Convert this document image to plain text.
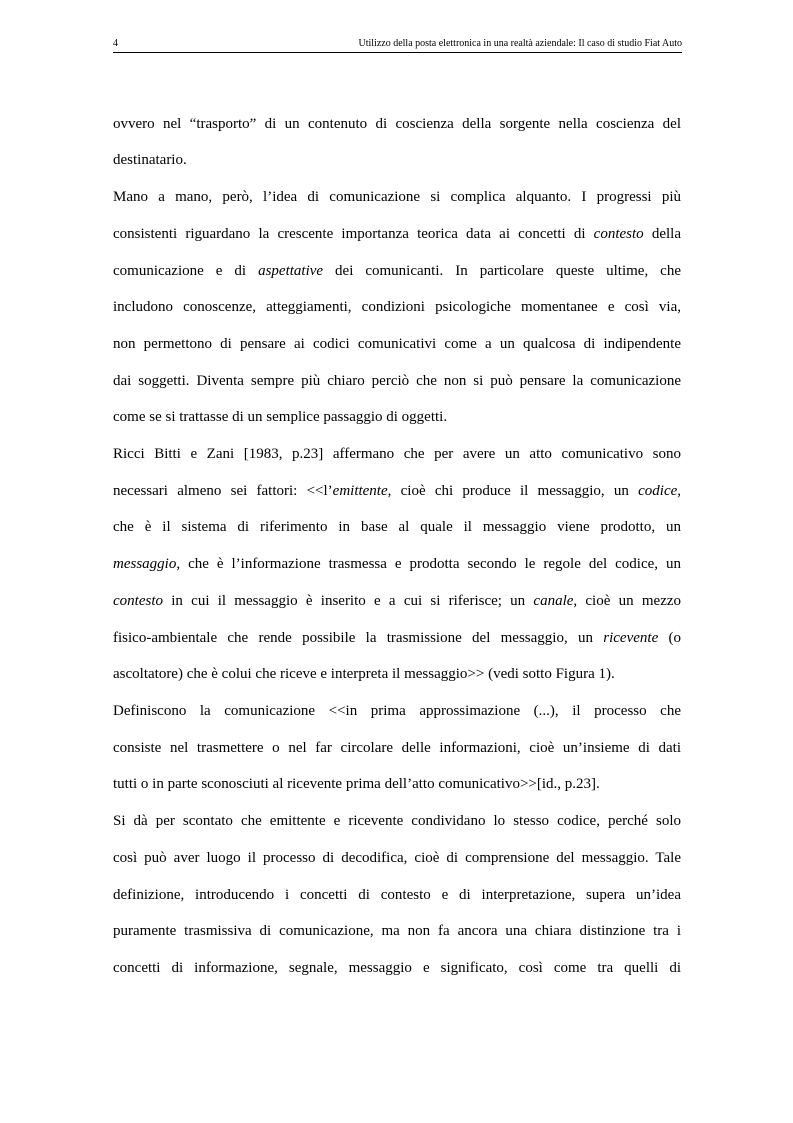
4	Utilizzo della posta elettronica in una realtà aziendale: Il caso di studio Fiat Auto
ovvero nel “trasporto” di un contenuto di coscienza della sorgente nella coscienza del
destinatario.
Mano a mano, però, l’idea di comunicazione si complica alquanto. I progressi più
consistenti riguardano la crescente importanza teorica data ai concetti di contesto della
comunicazione e di aspettative dei comunicanti. In particolare queste ultime, che
includono conoscenze, atteggiamenti, condizioni psicologiche momentanee e così via,
non permettono di pensare ai codici comunicativi come a un qualcosa di indipendente
dai soggetti. Diventa sempre più chiaro perciò che non si può pensare la comunicazione
come se si trattasse di un semplice passaggio di oggetti.
Ricci Bitti e Zani [1983, p.23] affermano che per avere un atto comunicativo sono
necessari almeno sei fattori: <<l’emittente, cioè chi produce il messaggio, un codice,
che è il sistema di riferimento in base al quale il messaggio viene prodotto, un
messaggio, che è l’informazione trasmessa e prodotta secondo le regole del codice, un
contesto in cui il messaggio è inserito e a cui si riferisce; un canale, cioè un mezzo
fisico-ambientale che rende possibile la trasmissione del messaggio, un ricevente (o
ascoltatore) che è colui che riceve e interpreta il messaggio>> (vedi sotto Figura 1).
Definiscono la comunicazione <<in prima approssimazione (...), il processo che
consiste nel trasmettere o nel far circolare delle informazioni, cioè un’insieme di dati
tutti o in parte sconosciuti al ricevente prima dell’atto comunicativo>>[id., p.23].
Si dà per scontato che emittente e ricevente condividano lo stesso codice, perché solo
così può aver luogo il processo di decodifica, cioè di comprensione del messaggio. Tale
definizione, introducendo i concetti di contesto e di interpretazione, supera un’idea
puramente trasmissiva di comunicazione, ma non fa ancora una chiara distinzione tra i
concetti di informazione, segnale, messaggio e significato, così come tra quelli di
